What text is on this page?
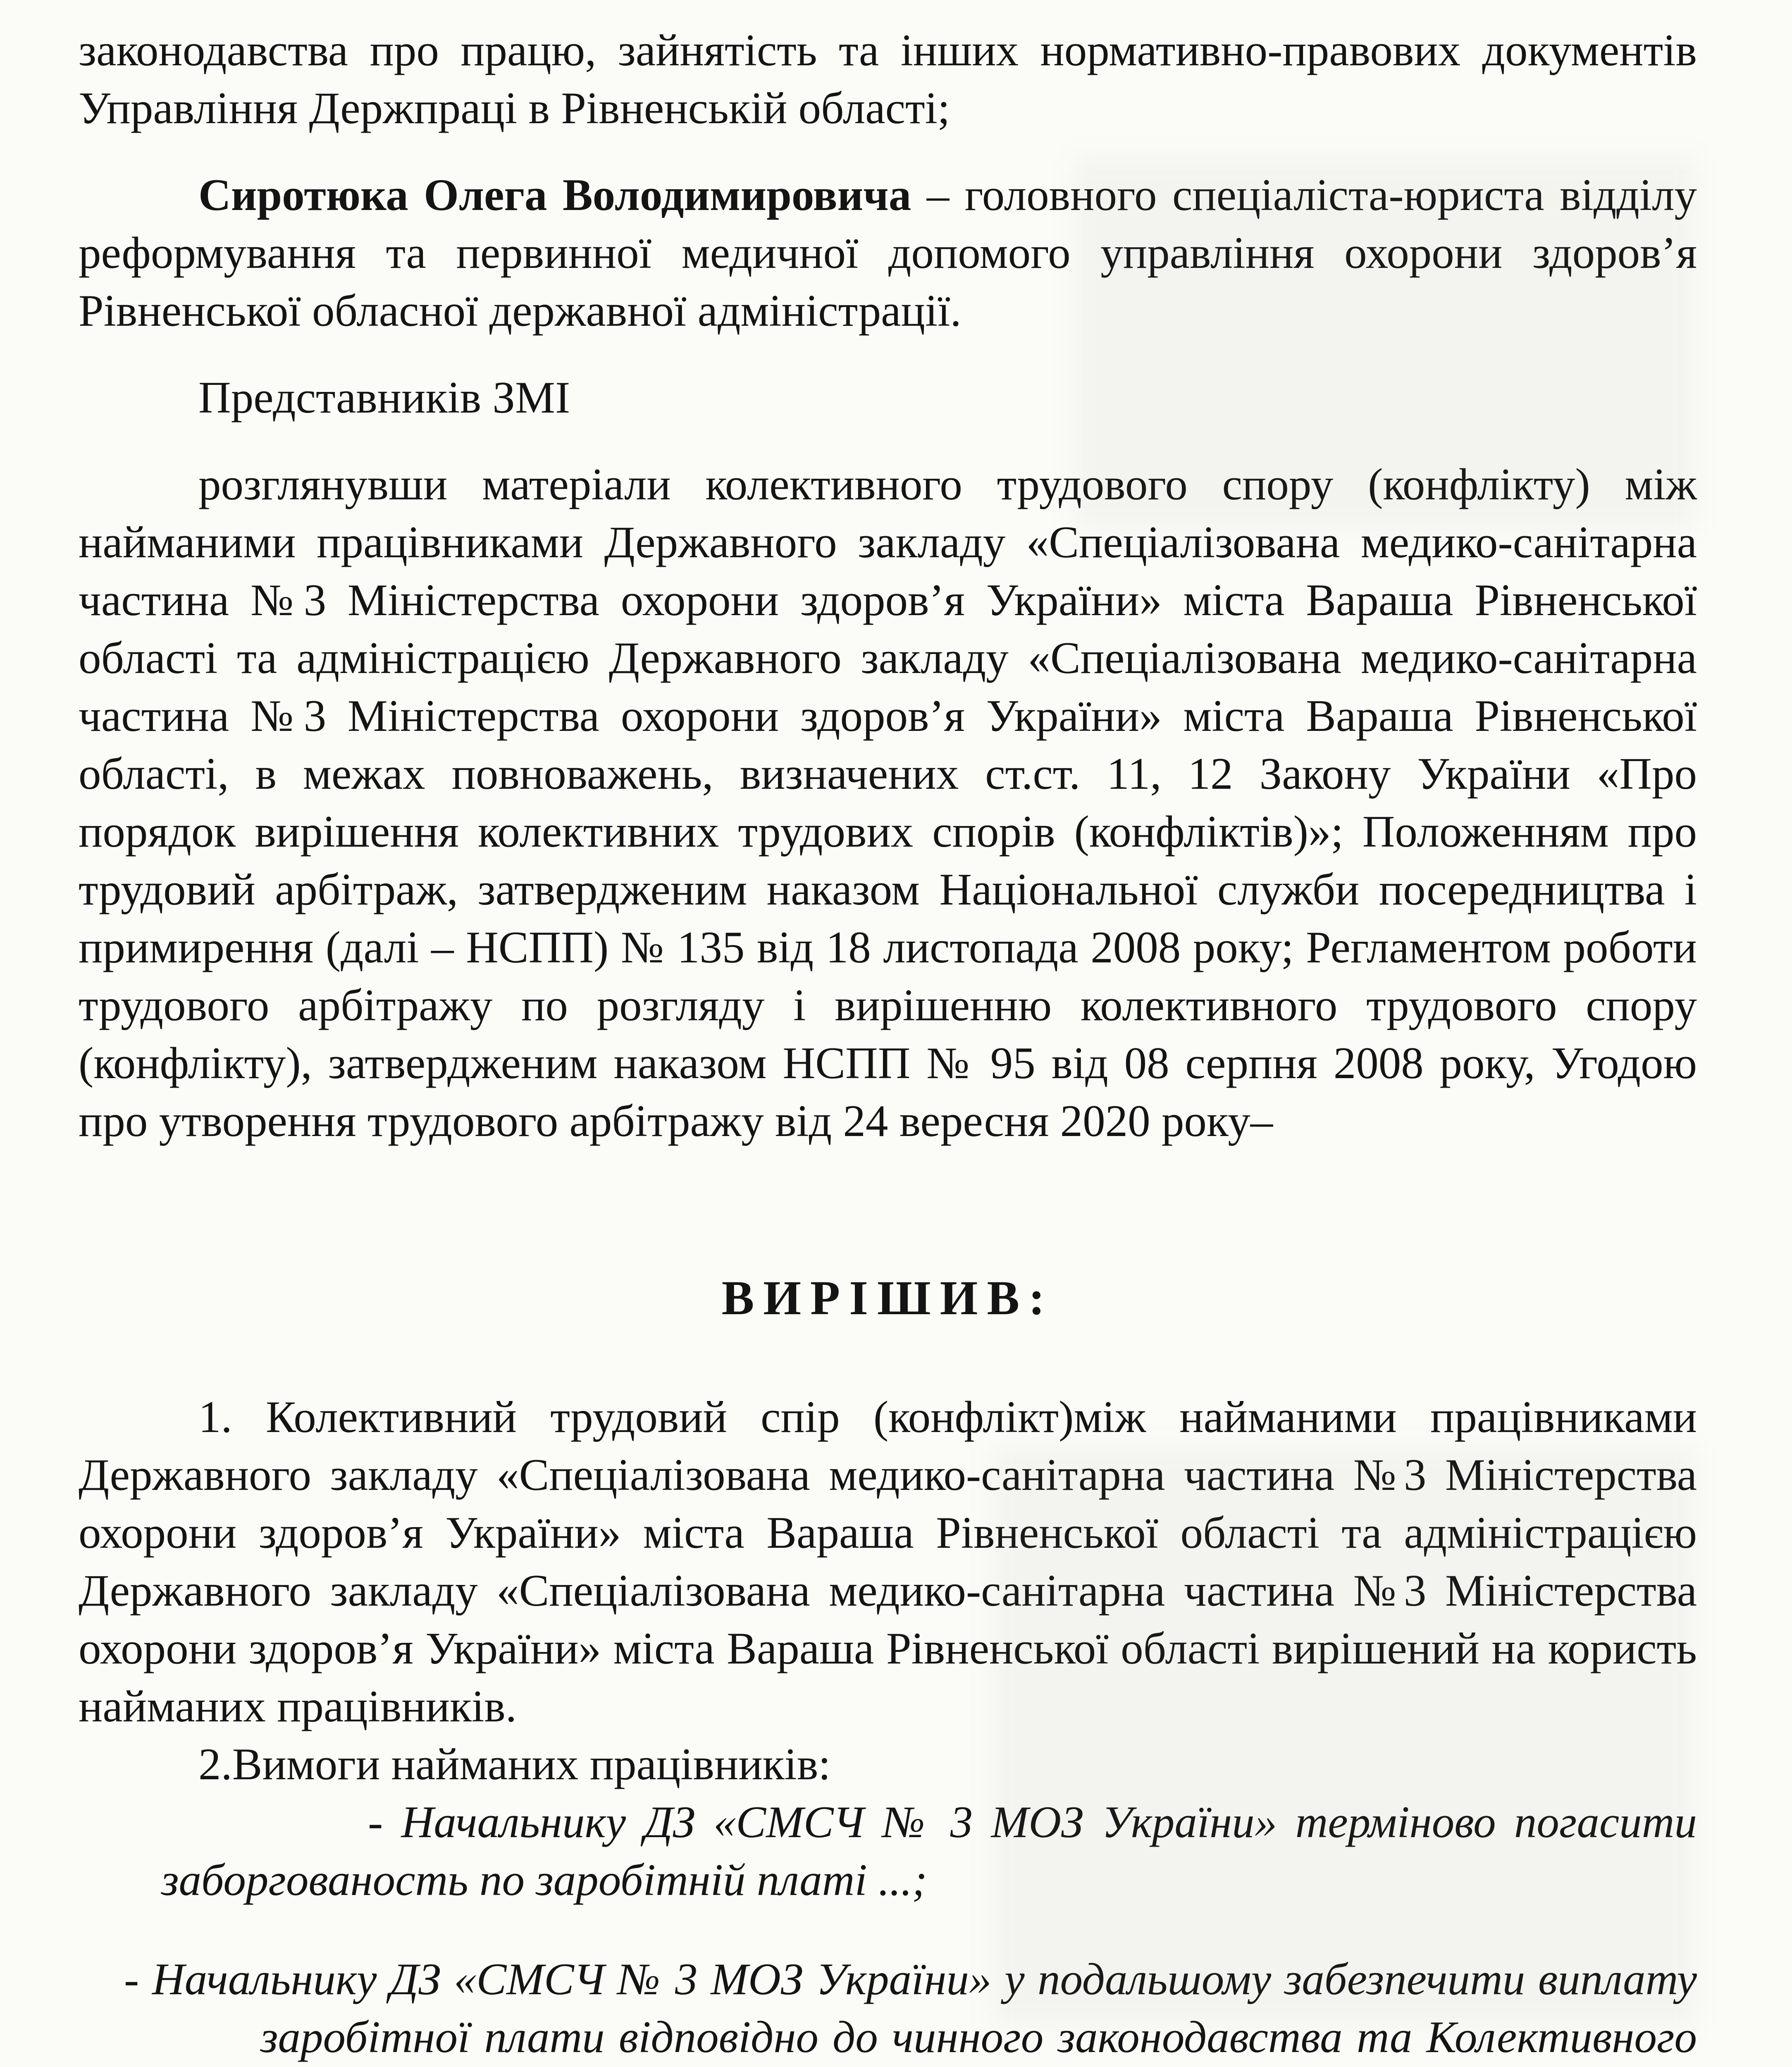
законодавства про працю, зайнятість та інших нормативно-правових документів Управління Держпраці в Рівненській області;

Сиротюка Олега Володимировича – головного спеціаліста-юриста відділу реформування та первинної медичної допомого управління охорони здоров’я Рівненської обласної державної адміністрації.

Представників ЗМІ

розглянувши матеріали колективного трудового спору (конфлікту) між найманими працівниками Державного закладу «Спеціалізована медико-санітарна частина №3 Міністерства охорони здоров’я України» міста Вараша Рівненської області та адміністрацією Державного закладу «Спеціалізована медико-санітарна частина №3 Міністерства охорони здоров’я України» міста Вараша Рівненської області, в межах повноважень, визначених ст.ст. 11, 12 Закону України «Про порядок вирішення колективних трудових спорів (конфліктів)»; Положенням про трудовий арбітраж, затвердженим наказом Національної служби посередництва і примирення (далі – НСПП) № 135 від 18 листопада 2008 року; Регламентом роботи трудового арбітражу по розгляду і вирішенню колективного трудового спору (конфлікту), затвердженим наказом НСПП № 95 від 08 серпня 2008 року, Угодою про утворення трудового арбітражу від 24 вересня 2020 року–

ВИРІШИВ:

1. Колективний трудовий спір (конфлікт)між найманими працівниками Державного закладу «Спеціалізована медико-санітарна частина №3 Міністерства охорони здоров’я України» міста Вараша Рівненської області та адміністрацією Державного закладу «Спеціалізована медико-санітарна частина №3 Міністерства охорони здоров’я України» міста Вараша Рівненської області вирішений на користь найманих працівників.

2.Вимоги найманих працівників:

- Начальнику ДЗ «СМСЧ № 3 МОЗ України» терміново погасити заборгованость по заробітній платі ...;

- Начальнику ДЗ «СМСЧ № 3 МОЗ України» у подальшому забезпечити виплату заробітної плати відповідно до чинного законодавства та Колективного
